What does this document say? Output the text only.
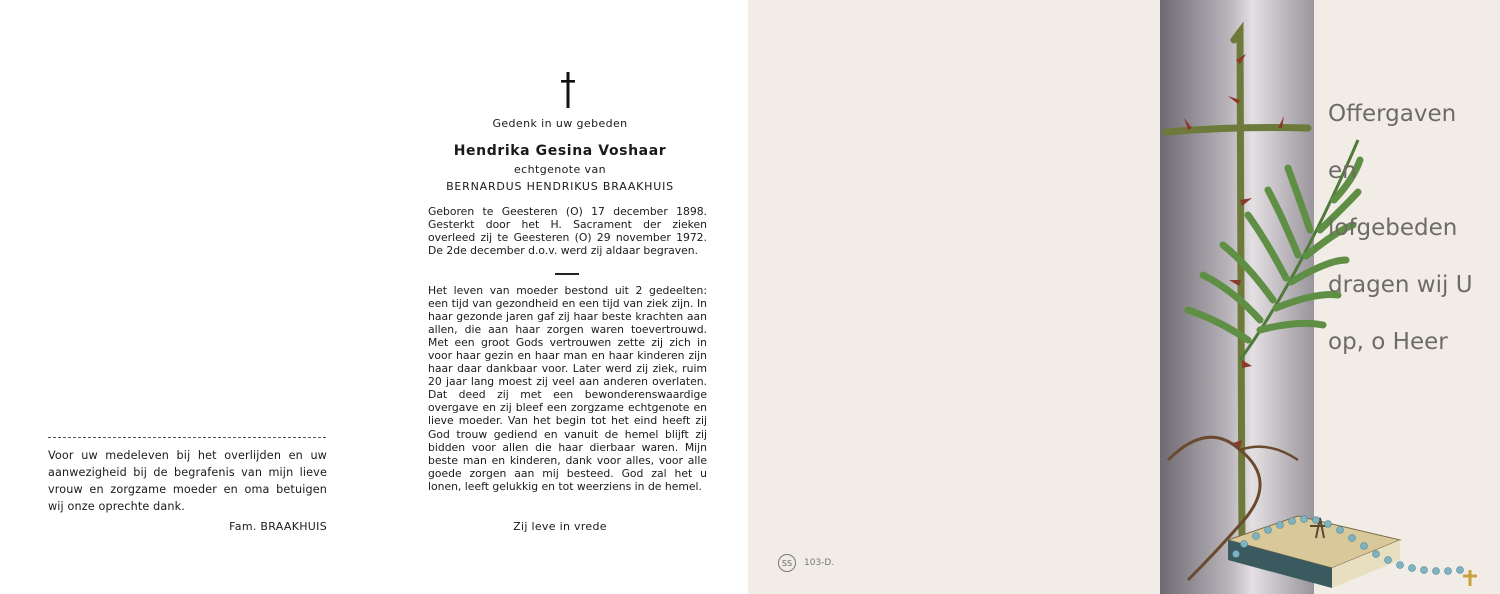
Voor uw medeleven bij het overlijden en uw aanwezigheid bij de begrafenis van mijn lieve vrouw en zorgzame moeder en oma betuigen wij onze oprechte dank.
Fam. BRAAKHUIS
Gedenk in uw gebeden
Hendrika Gesina Voshaar
echtgenote van
BERNARDUS HENDRIKUS BRAAKHUIS
Geboren te Geesteren (O) 17 december 1898. Gesterkt door het H. Sacrament der zieken overleed zij te Geesteren (O) 29 november 1972. De 2de december d.o.v. werd zij aldaar begraven.
Het leven van moeder bestond uit 2 gedeelten: een tijd van gezondheid en een tijd van ziek zijn. In haar gezonde jaren gaf zij haar beste krachten aan allen, die aan haar zorgen waren toevertrouwd. Met een groot Gods vertrouwen zette zij zich in voor haar gezin en haar man en haar kinderen zijn haar daar dankbaar voor. Later werd zij ziek, ruim 20 jaar lang moest zij veel aan anderen overlaten. Dat deed zij met een bewonderenswaardige overgave en zij bleef een zorgzame echtgenote en lieve moeder. Van het begin tot het eind heeft zij God trouw gediend en vanuit de hemel blijft zij bidden voor allen die haar dierbaar waren. Mijn beste man en kinderen, dank voor alles, voor alle goede zorgen aan mij besteed. God zal het u lonen, leeft gelukkig en tot weerziens in de hemel.
Zij leve in vrede
Offergaven
en
lofgebeden
dragen wij U
op, o Heer
SS	103-D.
